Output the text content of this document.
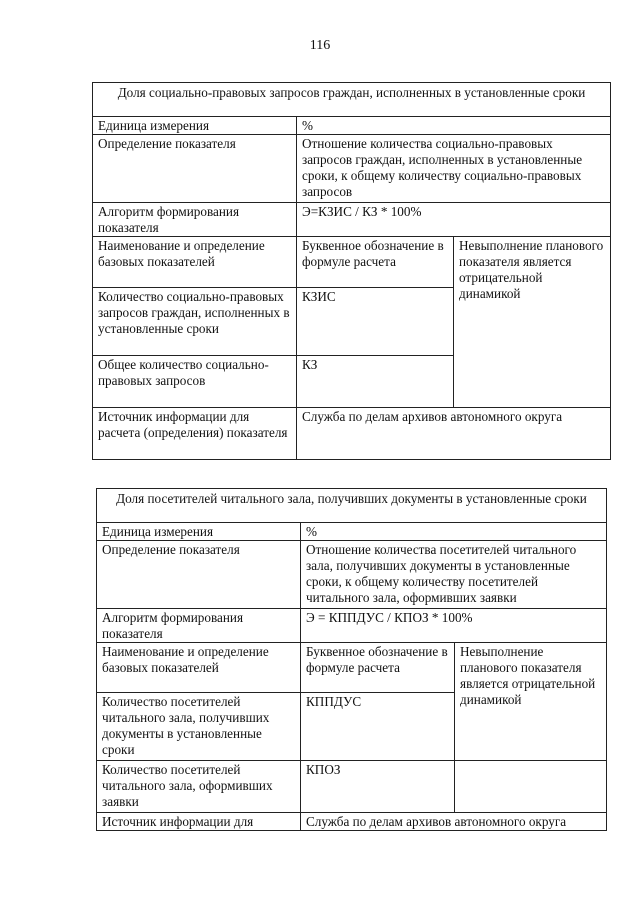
116
Доля социально-правовых запросов граждан, исполненных в установленные сроки		
Единица измерения	%	
Определение показателя	Отношение количества социально-правовых запросов граждан, исполненных в установленные сроки, к общему количеству социально-правовых запросов	
Алгоритм формирования показателя	Э=КЗИС / КЗ * 100%	
Наименование и определение базовых показателей	Буквенное обозначение в формуле расчета	Невыполнение планового показателя является отрицательной динамикой
Количество социально-правовых запросов граждан, исполненных в установленные сроки	КЗИС	
Общее количество социально-правовых запросов	КЗ	
Источник информации для расчета (определения) показателя	Служба по делам архивов автономного округа	
Доля посетителей читального зала, получивших документы в установленные сроки		
Единица измерения	%	
Определение показателя	Отношение количества посетителей читального зала, получивших документы в установленные сроки, к общему количеству посетителей читального зала, оформивших заявки	
Алгоритм формирования показателя	Э = КППДУС / КПОЗ * 100%	
Наименование и определение базовых показателей	Буквенное обозначение в формуле расчета	Невыполнение планового показателя является отрицательной динамикой
Количество посетителей читального зала, получивших документы в установленные сроки	КППДУС	
Количество посетителей читального зала, оформивших заявки	КПОЗ	
Источник информации для	Служба по делам архивов автономного округа	
